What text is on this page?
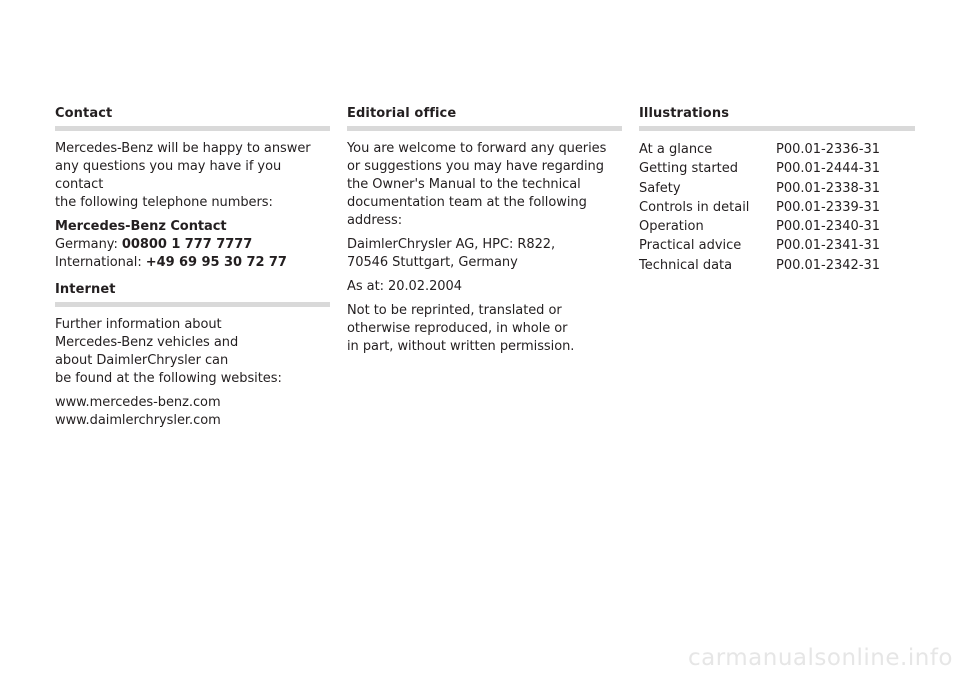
Contact

Mercedes-Benz will be happy to answer
any questions you may have if you contact
the following telephone numbers:

Mercedes-Benz Contact
Germany: 00800 1 777 7777
International: +49 69 95 30 72 77

Internet

Further information about
Mercedes-Benz vehicles and
about DaimlerChrysler can
be found at the following websites:

www.mercedes-benz.com
www.daimlerchrysler.com

Editorial office

You are welcome to forward any queries
or suggestions you may have regarding
the Owner's Manual to the technical
documentation team at the following
address:

DaimlerChrysler AG, HPC: R822,
70546 Stuttgart, Germany

As at: 20.02.2004

Not to be reprinted, translated or
otherwise reproduced, in whole or
in part, without written permission.

Illustrations
At a glance	P00.01-2336-31
Getting started	P00.01-2444-31
Safety	P00.01-2338-31
Controls in detail	P00.01-2339-31
Operation	P00.01-2340-31
Practical advice	P00.01-2341-31
Technical data	P00.01-2342-31
carmanualsonline.info
